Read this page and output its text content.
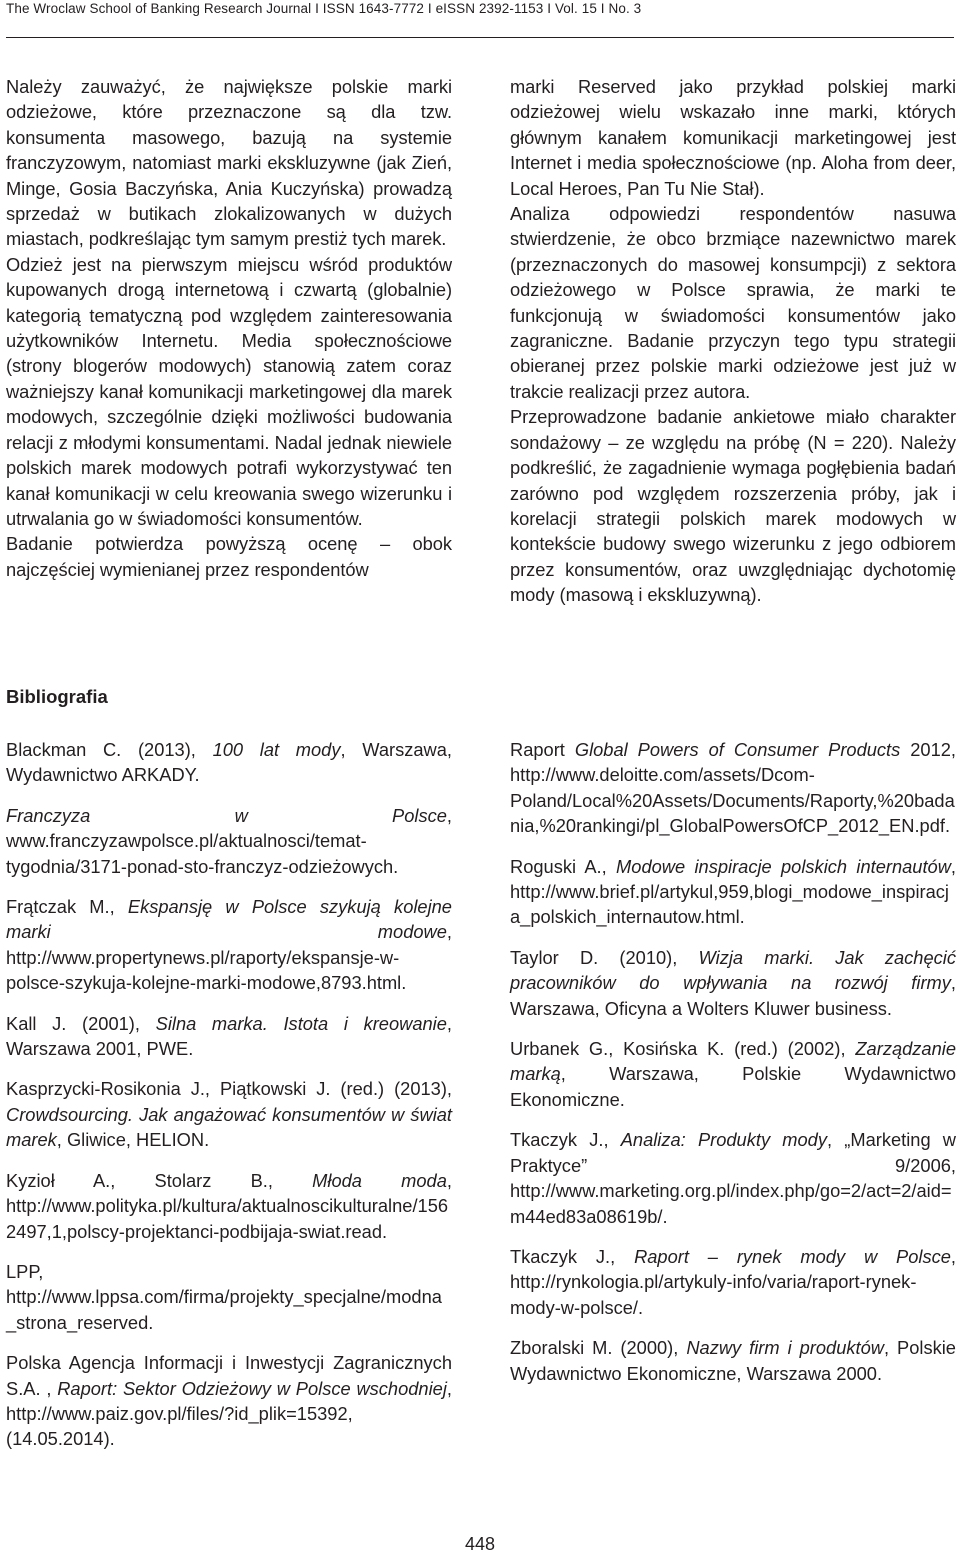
The Wroclaw School of Banking Research Journal I ISSN 1643-7772 I eISSN 2392-1153 I Vol. 15 I No. 3

Należy zauważyć, że największe polskie marki odzieżowe, które przeznaczone są dla tzw. konsumenta masowego, bazują na systemie franczyzowym, natomiast marki ekskluzywne (jak Zień, Minge, Gosia Baczyńska, Ania Kuczyńska) prowadzą sprzedaż w butikach zlokalizowanych w dużych miastach, podkreślając tym samym prestiż tych marek.

Odzież jest na pierwszym miejscu wśród produktów kupowanych drogą internetową i czwartą (globalnie) kategorią tematyczną pod względem zainteresowania użytkowników Internetu. Media społecznościowe (strony blogerów modowych) stanowią zatem coraz ważniejszy kanał komunikacji marketingowej dla marek modowych, szczególnie dzięki możliwości budowania relacji z młodymi konsumentami. Nadal jednak niewiele polskich marek modowych potrafi wykorzystywać ten kanał komunikacji w celu kreowania swego wizerunku i utrwalania go w świadomości konsumentów.

Badanie potwierdza powyższą ocenę – obok najczęściej wymienianej przez respondentów

marki Reserved jako przykład polskiej marki odzieżowej wielu wskazało inne marki, których głównym kanałem komunikacji marketingowej jest Internet i media społecznościowe (np. Aloha from deer, Local Heroes, Pan Tu Nie Stał).

Analiza odpowiedzi respondentów nasuwa stwierdzenie, że obco brzmiące nazewnictwo marek (przeznaczonych do masowej konsumpcji) z sektora odzieżowego w Polsce sprawia, że marki te funkcjonują w świadomości konsumentów jako zagraniczne. Badanie przyczyn tego typu strategii obieranej przez polskie marki odzieżowe jest już w trakcie realizacji przez autora.

Przeprowadzone badanie ankietowe miało charakter sondażowy – ze względu na próbę (N = 220). Należy podkreślić, że zagadnienie wymaga pogłębienia badań zarówno pod względem rozszerzenia próby, jak i korelacji strategii polskich marek modowych w kontekście budowy swego wizerunku z jego odbiorem przez konsumentów, oraz uwzględniając dychotomię mody (masową i ekskluzywną).

Bibliografia

Blackman C. (2013), 100 lat mody, Warszawa, Wydawnictwo ARKADY.

Franczyza w Polsce, www.franczyzawpolsce.pl/aktualnosci/temat-tygodnia/3171-ponad-sto-franczyz-odzieżowych.

Frątczak M., Ekspansję w Polsce szykują kolejne marki modowe, http://www.propertynews.pl/raporty/ekspansje-w-polsce-szykuja-kolejne-marki-modowe,8793.html.

Kall J. (2001), Silna marka. Istota i kreowanie, Warszawa 2001, PWE.

Kasprzycki-Rosikonia J., Piątkowski J. (red.) (2013), Crowdsourcing. Jak angażować konsumentów w świat marek, Gliwice, HELION.

Kyzioł A., Stolarz B., Młoda moda, http://www.polityka.pl/kultura/aktualnoscikulturalne/1562497,1,polscy-projektanci-podbijaja-swiat.read.

LPP, http://www.lppsa.com/firma/projekty_specjalne/modna_strona_reserved.

Polska Agencja Informacji i Inwestycji Zagranicznych S.A. , Raport: Sektor Odzieżowy w Polsce wschodniej, http://www.paiz.gov.pl/files/?id_plik=15392, (14.05.2014).

Raport Global Powers of Consumer Products 2012, http://www.deloitte.com/assets/Dcom-Poland/Local%20Assets/Documents/Raporty,%20badania,%20rankingi/pl_GlobalPowersOfCP_2012_EN.pdf.

Roguski A., Modowe inspiracje polskich internautów, http://www.brief.pl/artykul,959,blogi_modowe_inspiracja_polskich_internautow.html.

Taylor D. (2010), Wizja marki. Jak zachęcić pracowników do wpływania na rozwój firmy, Warszawa, Oficyna a Wolters Kluwer business.

Urbanek G., Kosińska K. (red.) (2002), Zarządzanie marką, Warszawa, Polskie Wydawnictwo Ekonomiczne.

Tkaczyk J., Analiza: Produkty mody, „Marketing w Praktyce” 9/2006, http://www.marketing.org.pl/index.php/go=2/act=2/aid=m44ed83a08619b/.

Tkaczyk J., Raport – rynek mody w Polsce, http://rynkologia.pl/artykuly-info/varia/raport-rynek-mody-w-polsce/.

Zboralski M. (2000), Nazwy firm i produktów, Polskie Wydawnictwo Ekonomiczne, Warszawa 2000.

448
